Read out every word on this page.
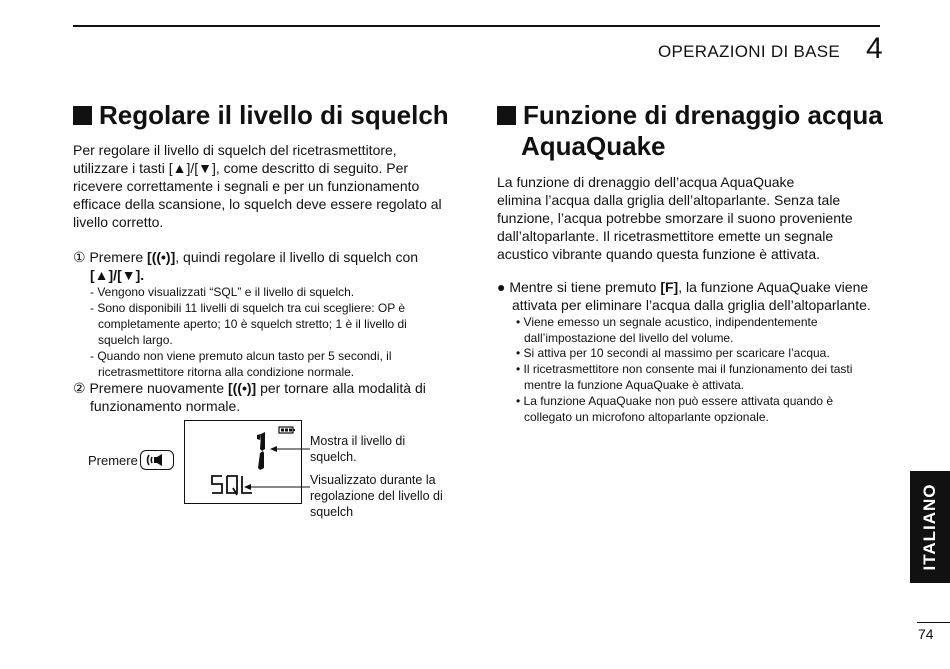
OPERAZIONI DI BASE 4
Regolare il livello di squelch
Per regolare il livello di squelch del ricetrasmettitore,
utilizzare i tasti [▲]/[▼], come descritto di seguito. Per
ricevere correttamente i segnali e per un funzionamento
efficace della scansione, lo squelch deve essere regolato al
livello corretto.
① Premere [((•)], quindi regolare il livello di squelch con
[▲]/[▼].
- Vengono visualizzati “SQL” e il livello di squelch.
- Sono disponibili 11 livelli di squelch tra cui scegliere: OP è
completamente aperto; 10 è squelch stretto; 1 è il livello di
squelch largo.
- Quando non viene premuto alcun tasto per 5 secondi, il
ricetrasmettitore ritorna alla condizione normale.
② Premere nuovamente [((•)] per tornare alla modalità di
funzionamento normale.
Premere
Mostra il livello di
squelch.
Visualizzato durante la
regolazione del livello di
squelch
Funzione di drenaggio acqua
AquaQuake
La funzione di drenaggio dell’acqua AquaQuake
elimina l’acqua dalla griglia dell’altoparlante. Senza tale
funzione, l’acqua potrebbe smorzare il suono proveniente
dall’altoparlante. Il ricetrasmettitore emette un segnale
acustico vibrante quando questa funzione è attivata.
● Mentre si tiene premuto [F], la funzione AquaQuake viene
attivata per eliminare l’acqua dalla griglia dell’altoparlante.
• Viene emesso un segnale acustico, indipendentemente
dall’impostazione del livello del volume.
• Si attiva per 10 secondi al massimo per scaricare l’acqua.
• Il ricetrasmettitore non consente mai il funzionamento dei tasti
mentre la funzione AquaQuake è attivata.
• La funzione AquaQuake non può essere attivata quando è
collegato un microfono altoparlante opzionale.
ITALIANO
74
